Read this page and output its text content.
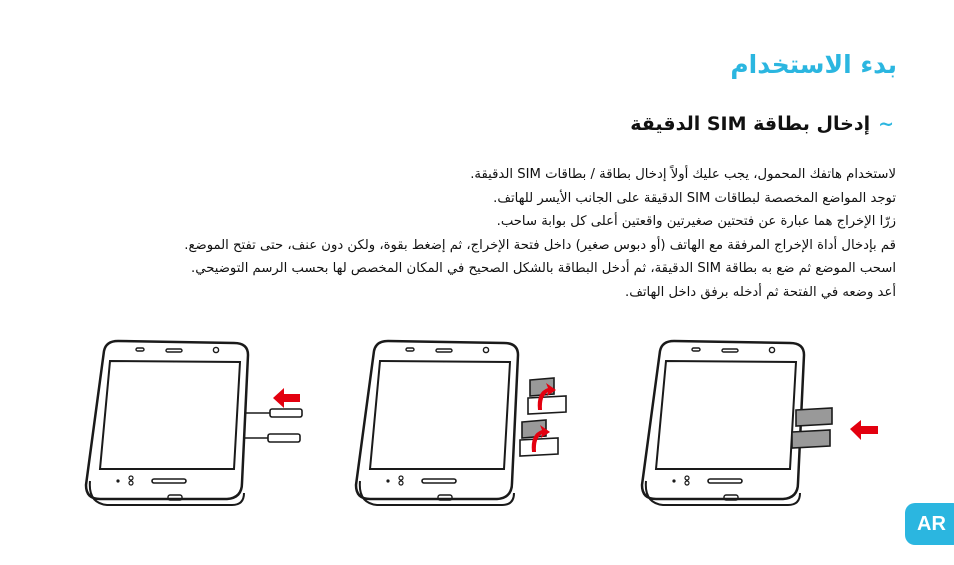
بدء الاستخدام
~إدخال بطاقة SIM الدقيقة
لاستخدام هاتفك المحمول، يجب عليك أولاً إدخال بطاقة / بطاقات SIM الدقيقة.
توجد المواضع المخصصة لبطاقات SIM الدقيقة على الجانب الأيسر للهاتف.
زرّا الإخراج هما عبارة عن فتحتين صغيرتين واقعتين أعلى كل بوابة ساحب.
قم بإدخال أداة الإخراج المرفقة مع الهاتف (أو دبوس صغير) داخل فتحة الإخراج، ثم إضغط بقوة، ولكن دون عنف، حتى تفتح الموضع.
اسحب الموضع ثم ضع به بطاقة SIM الدقيقة، ثم أدخل البطاقة بالشكل الصحيح في المكان المخصص لها بحسب الرسم التوضيحي.
أعد وضعه في الفتحة ثم أدخله برفق داخل الهاتف.
AR
